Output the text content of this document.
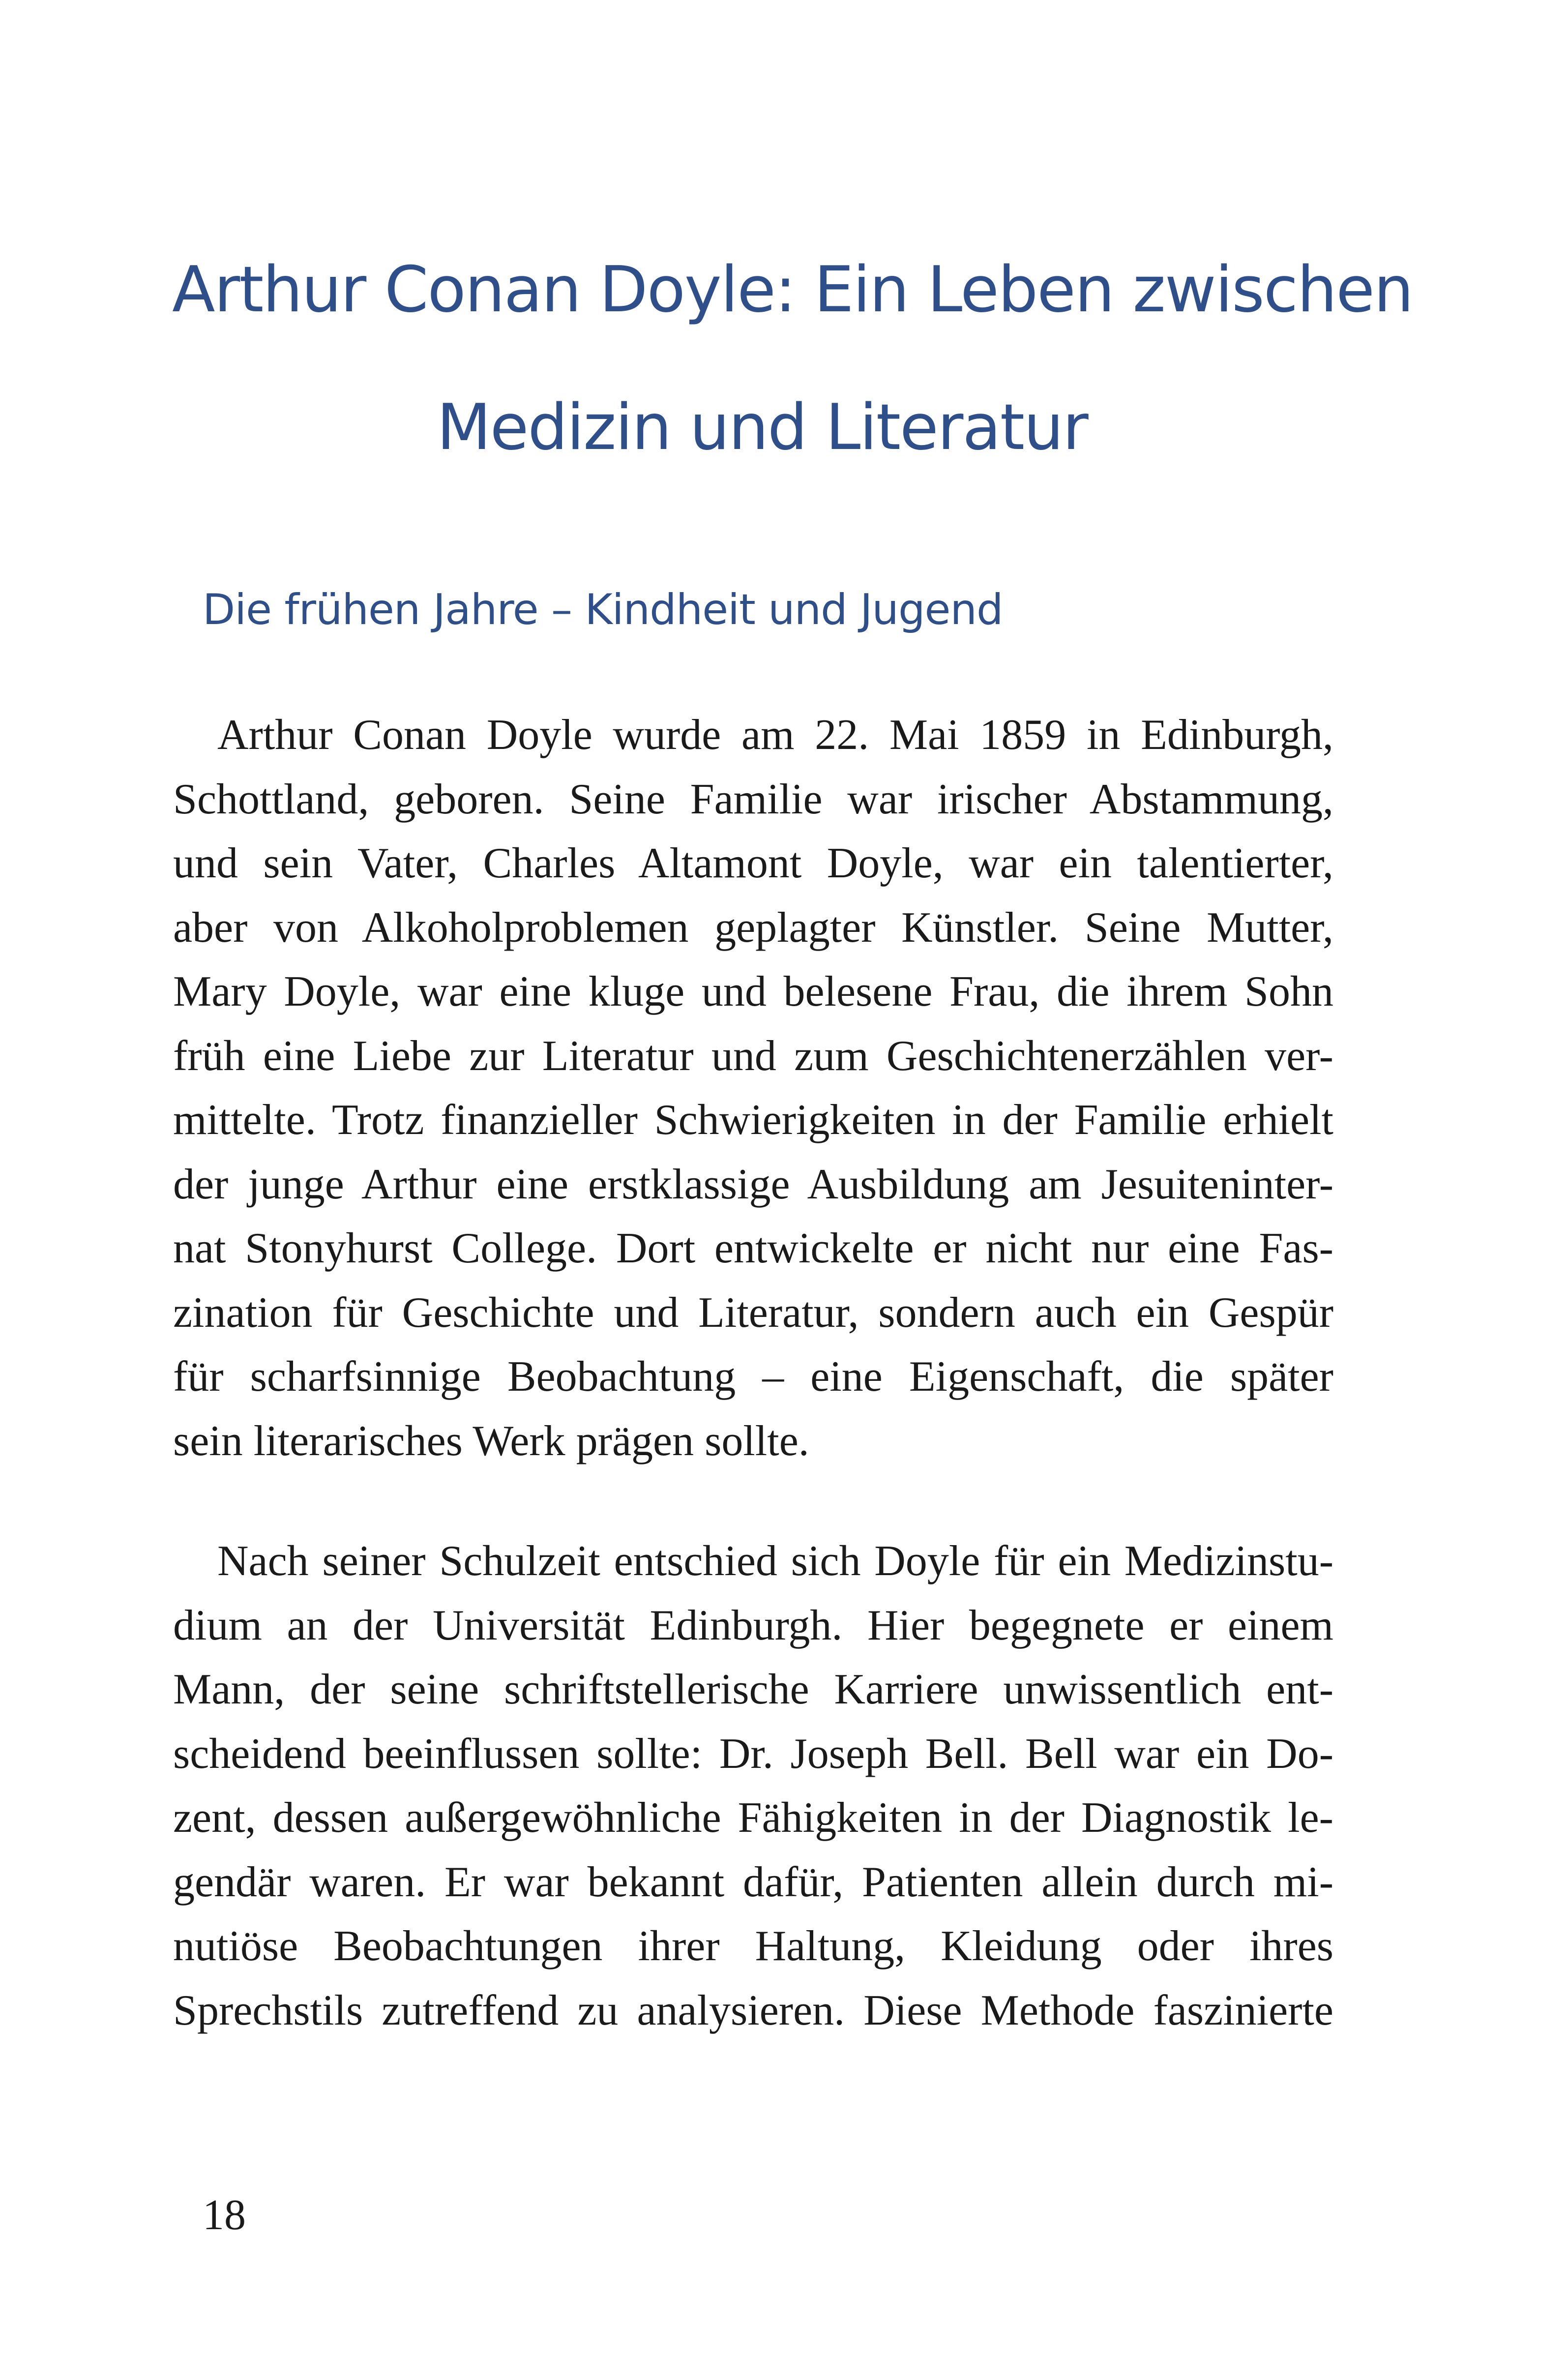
Arthur Conan Doyle: Ein Leben zwischen
Medizin und Literatur
Die frühen Jahre – Kindheit und Jugend
Arthur Conan Doyle wurde am 22. Mai 1859 in Edinburgh,
Schottland, geboren. Seine Familie war irischer Abstammung,
und sein Vater, Charles Altamont Doyle, war ein talentierter,
aber von Alkoholproblemen geplagter Künstler. Seine Mutter,
Mary Doyle, war eine kluge und belesene Frau, die ihrem Sohn
früh eine Liebe zur Literatur und zum Geschichtenerzählen ver-
mittelte. Trotz finanzieller Schwierigkeiten in der Familie erhielt
der junge Arthur eine erstklassige Ausbildung am Jesuiteninter-
nat Stonyhurst College. Dort entwickelte er nicht nur eine Fas-
zination für Geschichte und Literatur, sondern auch ein Gespür
für scharfsinnige Beobachtung – eine Eigenschaft, die später
sein literarisches Werk prägen sollte.
Nach seiner Schulzeit entschied sich Doyle für ein Medizinstu-
dium an der Universität Edinburgh. Hier begegnete er einem
Mann, der seine schriftstellerische Karriere unwissentlich ent-
scheidend beeinflussen sollte: Dr. Joseph Bell. Bell war ein Do-
zent, dessen außergewöhnliche Fähigkeiten in der Diagnostik le-
gendär waren. Er war bekannt dafür, Patienten allein durch mi-
nutiöse Beobachtungen ihrer Haltung, Kleidung oder ihres
Sprechstils zutreffend zu analysieren. Diese Methode faszinierte
18
